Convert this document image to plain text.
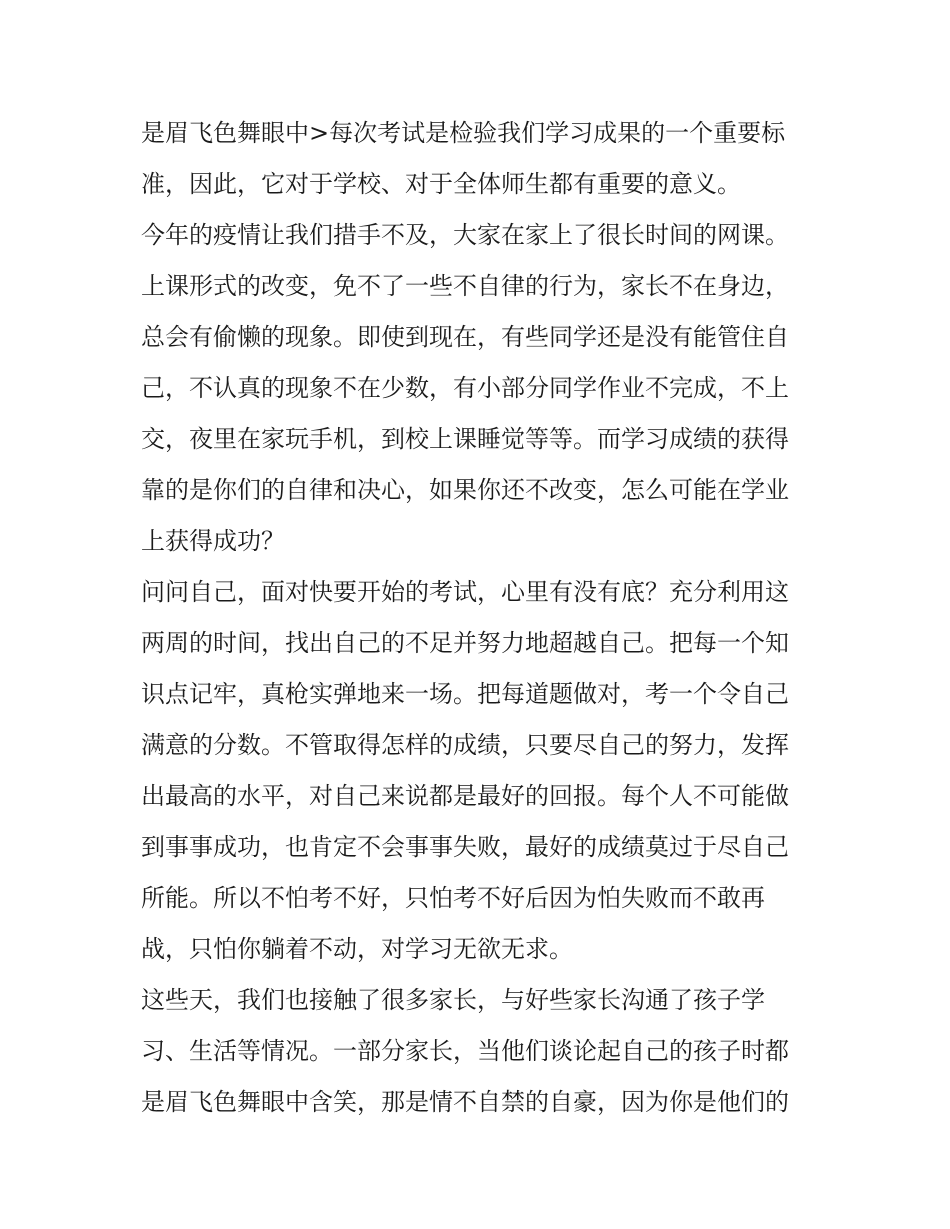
是眉飞色舞眼中>每次考试是检验我们学习成果的一个重要标
准，因此，它对于学校、对于全体师生都有重要的意义。
今年的疫情让我们措手不及，大家在家上了很长时间的网课。
上课形式的改变，免不了一些不自律的行为，家长不在身边，
总会有偷懒的现象。即使到现在，有些同学还是没有能管住自
己，不认真的现象不在少数，有小部分同学作业不完成，不上
交，夜里在家玩手机，到校上课睡觉等等。而学习成绩的获得
靠的是你们的自律和决心，如果你还不改变，怎么可能在学业
上获得成功？
问问自己，面对快要开始的考试，心里有没有底？充分利用这
两周的时间，找出自己的不足并努力地超越自己。把每一个知
识点记牢，真枪实弹地来一场。把每道题做对，考一个令自己
满意的分数。不管取得怎样的成绩，只要尽自己的努力，发挥
出最高的水平，对自己来说都是最好的回报。每个人不可能做
到事事成功，也肯定不会事事失败，最好的成绩莫过于尽自己
所能。所以不怕考不好，只怕考不好后因为怕失败而不敢再
战，只怕你躺着不动，对学习无欲无求。
这些天，我们也接触了很多家长，与好些家长沟通了孩子学
习、生活等情况。一部分家长，当他们谈论起自己的孩子时都
是眉飞色舞眼中含笑，那是情不自禁的自豪，因为你是他们的
